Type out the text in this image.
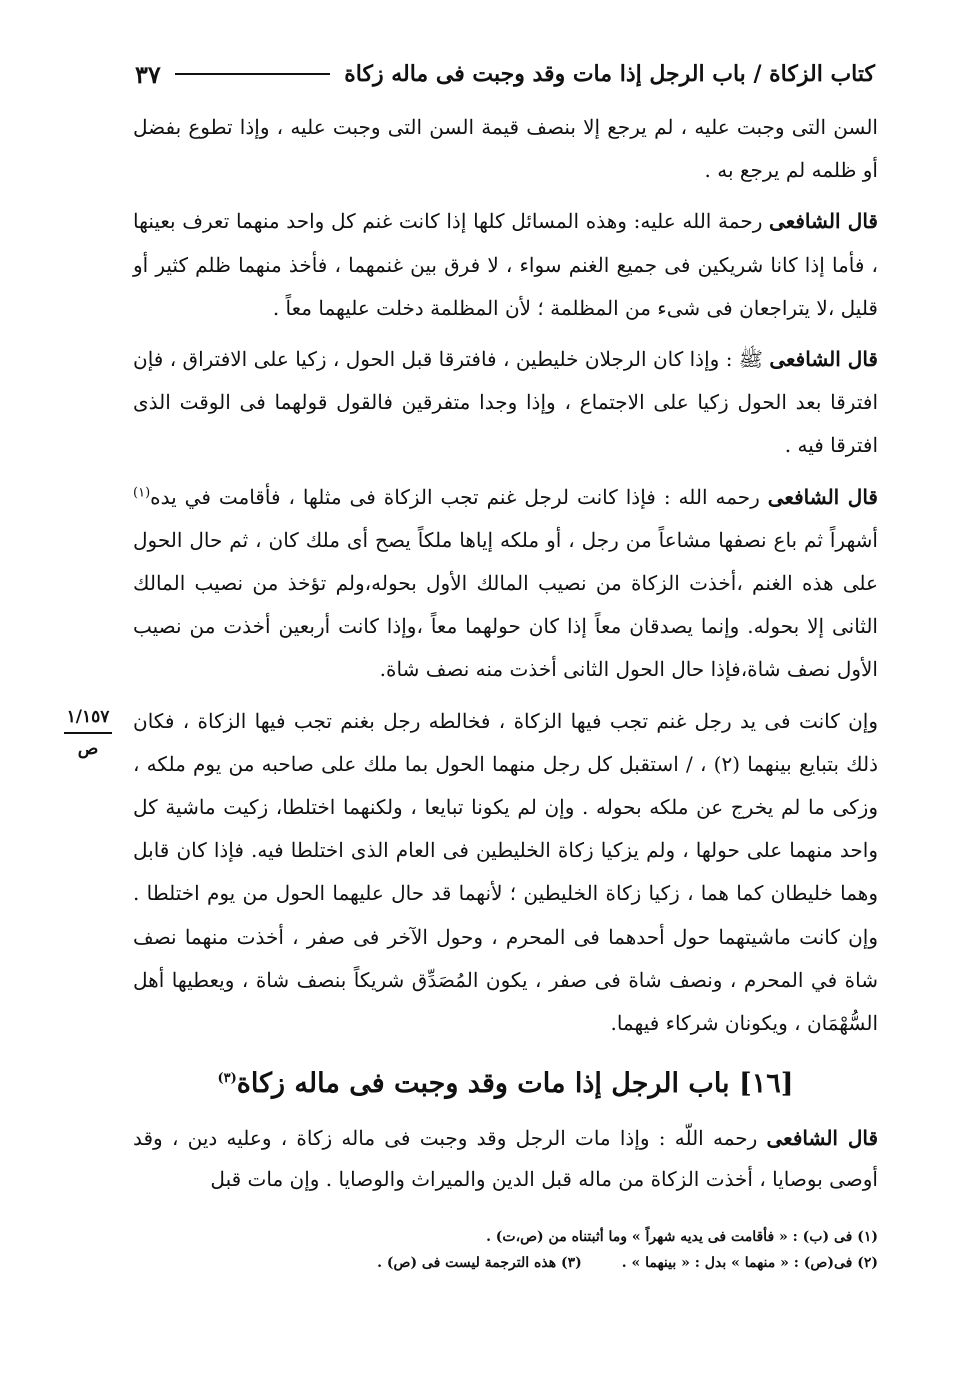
كتاب الزكاة / باب الرجل إذا مات وقد وجبت فى ماله زكاة
٣٧
١/١٥٧
ص

السن التى وجبت عليه ، لم يرجع إلا بنصف قيمة السن التى وجبت عليه ، وإذا تطوع بفضل أو ظلمه لم يرجع به .

قال الشافعى رحمة الله عليه: وهذه المسائل كلها إذا كانت غنم كل واحد منهما تعرف بعينها ، فأما إذا كانا شريكين فى جميع الغنم سواء ، لا فرق بين غنمهما ، فأخذ منهما ظلم كثير أو قليل ،لا يتراجعان فى شىء من المظلمة ؛ لأن المظلمة دخلت عليهما معاً .

قال الشافعى ﷺ : وإذا كان الرجلان خليطين ، فافترقا قبل الحول ، زكيا على الافتراق ، فإن افترقا بعد الحول زكيا على الاجتماع ، وإذا وجدا متفرقين فالقول قولهما فى الوقت الذى افترقا فيه .

قال الشافعى رحمه الله : فإذا كانت لرجل غنم تجب الزكاة فى مثلها ، فأقامت في يده$^{(١)}$ أشهراً ثم باع نصفها مشاعاً من رجل ، أو ملكه إياها ملكاً يصح أى ملك كان ، ثم حال الحول على هذه الغنم ،أخذت الزكاة من نصيب المالك الأول بحوله،ولم تؤخذ من نصيب المالك الثانى إلا بحوله. وإنما يصدقان معاً إذا كان حولهما معاً ،وإذا كانت أربعين أخذت من نصيب الأول نصف شاة،فإذا حال الحول الثانى أخذت منه نصف شاة.

وإن كانت فى يد رجل غنم تجب فيها الزكاة ، فخالطه رجل بغنم تجب فيها الزكاة ، فكان ذلك بتبايع بينهما (٢) ، / استقبل كل رجل منهما الحول بما ملك على صاحبه من يوم ملكه ، وزكى ما لم يخرج عن ملكه بحوله . وإن لم يكونا تبايعا ، ولكنهما اختلطا، زكيت ماشية كل واحد منهما على حولها ، ولم يزكيا زكاة الخليطين فى العام الذى اختلطا فيه. فإذا كان قابل وهما خليطان كما هما ، زكيا زكاة الخليطين ؛ لأنهما قد حال عليهما الحول من يوم اختلطا . وإن كانت ماشيتهما حول أحدهما فى المحرم ، وحول الآخر فى صفر ، أخذت منهما نصف شاة في المحرم ، ونصف شاة فى صفر ، يكون المُصَدِّق شريكاً بنصف شاة ، ويعطيها أهل السُّهْمَان ، ويكونان شركاء فيهما.

[١٦] باب الرجل إذا مات وقد وجبت فى ماله زكاة$^{(٣)}$
قال الشافعى رحمه اللّه : وإذا مات الرجل وقد وجبت فى ماله زكاة ، وعليه دين ، وقد أوصى بوصايا ، أخذت الزكاة من ماله قبل الدين والميراث والوصايا . وإن مات قبل
(١) فى (ب) : « فأقامت فى يديه شهراً » وما أثبتناه من (ص،ت) .
(٢) فى(ص) : « منهما » بدل : « بينهما » .
(٣) هذه الترجمة ليست فى (ص) .
